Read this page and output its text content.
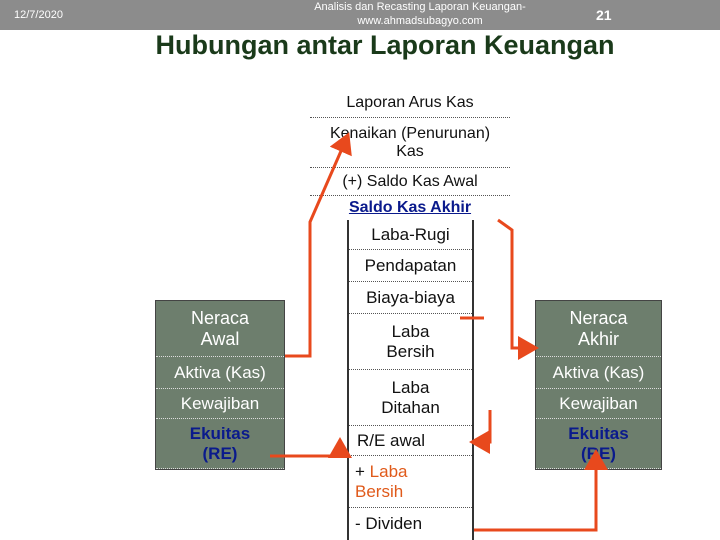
12/7/2020
Analisis dan Recasting Laporan Keuangan-
www.ahmadsubagyo.com	21
Hubungan antar Laporan Keuangan
Laporan Arus Kas
Kenaikan (Penurunan)
Kas
(+) Saldo Kas Awal
Saldo Kas Akhir
Laba-Rugi
Pendapatan
Biaya-biaya
Laba
Bersih
Laba
Ditahan
R/E awal
+ Laba
Bersih
- Dividen
Neraca
Awal
Aktiva (Kas)
Kewajiban
Ekuitas
(RE)
Neraca
Akhir
Aktiva (Kas)
Kewajiban
Ekuitas
(RE)
